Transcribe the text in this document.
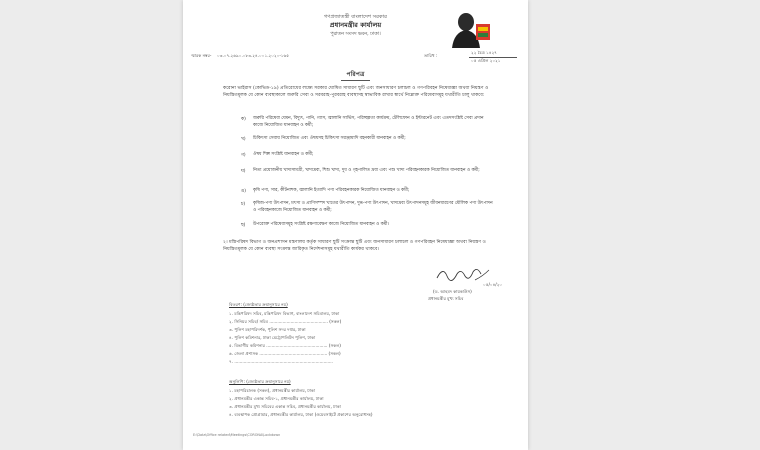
গণপ্রজাতন্ত্রী বাংলাদেশ সরকার
প্রধানমন্ত্রীর কার্যালয়
পুরাতন সংসদ ভবন, ঢাকা।
স্মারক নম্বর- ০৩.০৭.২৬৯০.০৮৩.২৪.০০১.২০২০-১৬৫	তারিখ :
২২ চৈত্র ১৪২৭
০৫ এপ্রিল ২০২১
পরিপত্র
করোনা ভাইরাস (কোভিড-১৯) প্রতিরোধের লক্ষ্যে সরকার ঘোষিত সাধারণ ছুটি এবং জনসাধারণ চলাচল ও গণপরিবহন নিষেধাজ্ঞা অথবা নিয়ন্ত্রণ ও নিয়ন্ত্রিতমূলক যে কোন ব্যবস্থাকালে জরুরি সেবা ও সরবরাহ-পুরবরাহ ব্যবস্থাসহ স্বাভাবিক রাখার স্বার্থে নিম্নোক্ত পরিষেবাসমূহ যথারীতি চালু থাকবে:
ক) জরুরি পরিষেবা যেমন, বিদ্যুৎ, পানি, গ্যাস, জ্বালানি সার্ভিস, পরিচ্ছন্নতা কার্যক্রম, টেলিফোন ও ইন্টারনেট এবং এতদসংশ্লিষ্ট সেবা প্রদান কাজে নিয়োজিত যানবাহন ও কর্মী;
খ) চিকিৎসা সেবায় নিয়োজিত এবং ঔষধসহ চিকিৎসা সরঞ্জামাদি বহনকারী যানবাহন ও কর্মী;
গ) ঔষধ শিল্প সংশ্লিষ্ট যানবাহন ও কর্মী;
ঘ) নিত্য প্রয়োজনীয় খাদ্যসামগ্রী, খাদ্যদ্রব্য, শিশু খাদ্য, দুধ ও গৃহপালিত দ্রব্য এবং পশু খাদ্য পরিবহনকারক নিয়োজিত যানবাহন ও কর্মী;
ঙ) কৃষি পণ্য, সার, কীটনাশক, জ্বালানি ইত্যাদি পণ্য পরিবহনকারক নিয়োজিত যানবাহন ও কর্মী;
চ) কৃষিজ-পণ্য উৎপাদন, মৎস্য ও প্রাণিসম্পদ খাতের উৎপাদন, দুগ্ধ-পণ্য উৎপাদন, খাদ্যদ্রব্য উৎপাদনসমূহ জীবনধারণের মৌলিক পণ্য উৎপাদন ও পরিবহনকাজে নিয়োজিত যানবাহন ও কর্মী;
ছ) উপরোক্ত পরিষেবাসমূহ সংশ্লিষ্ট রক্ষণাবেক্ষণ কাজে নিয়োজিত যানবাহন ও কর্মী।
২। মন্ত্রিপরিষদ বিভাগ ও জনপ্রশাসন মন্ত্রণালয় কর্তৃক সাধারণ ছুটি সংক্রান্ত ছুটি এবং জনসাধারণ চলাচল ও গণপরিবহন নিষেধাজ্ঞা অথবা নিয়ন্ত্রণ ও নিয়ন্ত্রিতমূলক যে কোন ব্যবস্থা সংক্রান্ত জারিকৃত নির্দেশনাসমূহ যথারীতি কার্যকর থাকবে।
০৫/০৪/২০
(ড. আহমদ কায়কাউস)
প্রধানমন্ত্রীর মুখ্য সচিব
বিতরণ: (জ্যেষ্ঠতার ক্রমানুসারে নয়)
১. মন্ত্রিপরিষদ সচিব, মন্ত্রিপরিষদ বিভাগ, বাংলাদেশ সচিবালয়, ঢাকা
২. সিনিয়র সচিব/ সচিব ............................................ (সকল)
৩. পুলিশ মহাপরিদর্শক, পুলিশ সদর দপ্তর, ঢাকা
৪. পুলিশ কমিশনার, ঢাকা মেট্রোপলিটন পুলিশ, ঢাকা
৫. বিভাগীয় কমিশনার .............................................. (সকল)
৬. জেলা প্রশাসক ................................................... (সকল)
৭. ..........................................................................
অনুলিপি: (জ্যেষ্ঠতার ক্রমানুসারে নয়)
১. মহাপরিচালক (সকল), প্রধানমন্ত্রীর কার্যালয়, ঢাকা
২. প্রধানমন্ত্রীর একান্ত সচিব-১, প্রধানমন্ত্রীর কার্যালয়, ঢাকা
৩. প্রধানমন্ত্রীর মুখ্য সচিবের একান্ত সচিব, প্রধানমন্ত্রীর কার্যালয়, ঢাকা
৪. ব্যবস্থাপক প্রোগ্রামার, প্রধানমন্ত্রীর কার্যালয়, ঢাকা (ওয়েবসাইটে প্রকাশের অনুরোধসহ)
E:\Data\Office related\Meetings\CORONA\Lockdown
